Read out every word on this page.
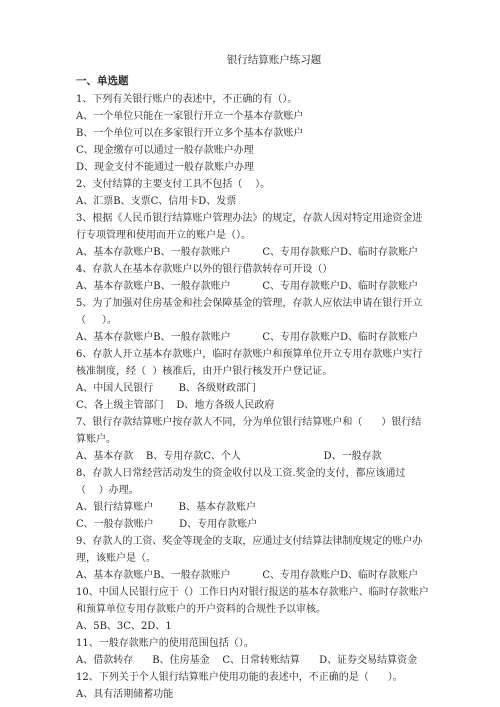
银行结算账户练习题
一、单选题
1、下列有关银行账户的表述中，不正确的有（）。
A、一个单位只能在一家银行开立一个基本存款账户
B、一个单位可以在多家银行开立多个基本存款账户
C、现金缴存可以通过一般存款账户办理
D、现金支付不能通过一般存款账户办理
2、支付结算的主要支付工具不包括（    ）。
A、汇票B、支票C、信用卡D、发票
3、根据《人民币银行结算账户管理办法》的规定，存款人因对特定用途资金进
行专项管理和使用而开立的账户是（）。
A、基本存款账户B、一般存款账户          C、专用存款账户D、临时存款账户
4、存款人在基本存款账户以外的银行借款转存可开设（）
A、基本存款账户B、一般存款账户          C、专用存款账户D、临时存款账户
5、为了加强对住房基金和社会保障基金的管理，存款人应依法申请在银行开立
（     ）。
A、基本存款账户B、一般存款账户          C、专用存款账户D、临时存款账户
6、存款人开立基本存款账户，临时存款账户和预算单位开立专用存款账户实行
核准制度，经（  ）核准后，由开户银行核发开户登记证。
A、中国人民银行        B、各级财政部门
C、各上级主管部门    D、地方各级人民政府
7、银行存款结算账户按存款人不同，分为单位银行结算账户和（      ）银行结
算账户。
A、基本存款    B、专用存款C、个人                          D、一般存款
8、存款人日常经营活动发生的资金收付以及工资.奖金的支付，都应该通过
（    ）办理。
A、银行结算账户        B、基本存款账户
C、一般存款账户        D、专用存款账户
9、存款人的工资、奖金等现金的支取，应通过支付结算法律制度规定的账户办
理，该账户是（。
A、基本存款账户B、一般存款账户          C、专用存款账户D、临时存款账户
10、中国人民银行应于（）工作日内对银行报送的基本存款账户、临时存款账户
和预算单位专用存款账户的开户资料的合规性予以审核。
A、5B、3C、2D、1
11、一般存款账户的使用范围包括（）。
A、借款转存      B、住房基金    C、日常转账结算      D、证券交易结算资金
12、下列关于个人银行结算账户使用功能的表述中，不正确的是（      ）。
A、具有活期储蓄功能
